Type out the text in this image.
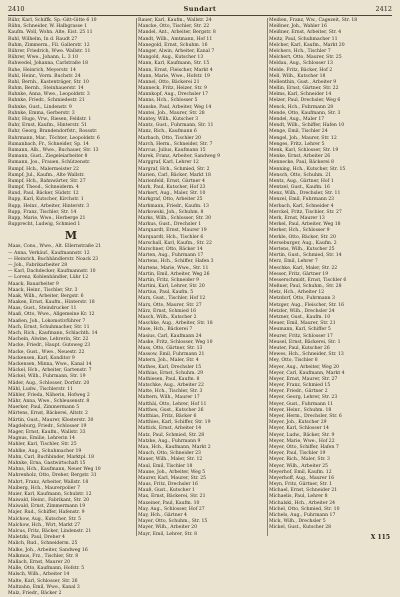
2410	Sundart	2412
Rühr, Karl, Schiffk. Sp.-Gitt-Gitte 6 10
Rühn, Schneider, W. Halbgrasse 1
Kaufm. Woll, Wohn. Alte, Eist. 25 11
Ruhl, Wilhelm, In d. Raudt 27
Ruhm, Zimmerm., Fil. Gallerstr. 12
Rührer, Friedrich, Wwe. Wallstr. 11
Rührer, Wwe., Johann, L. 3 10
Ruhwedel, Johanna, Carlstraße 18
Ruhe, Heinrich, Meyerstr. 14
Ruhl, Heinr., Vorm. Buchstr. 24
Ruhl, Bernh., Kastenträger, Str. 10
Ruhm, Bernh., Steinhauerstr. 14
Ruhnke, Anna, Wwe., Leopoldstr. 3
Ruhnke, Friedr., Schmiedestr. 21
Ruhnke, Gust., Lindenstr. 9
Ruhnke, Emma, Gerberstr. 3
Ruhr, Hugo, Vrw., Riesen, Feldstr. 1
Ruhr, Ernst, Kaufm., Hinterstr. 51
Ruhr, Georg, Brandendorfstr., Rossstr.
Ruhrmann, Mar., Töchter, Leopoldstr. 6
Rumanbach, Fr., Schneider, Sp. 14
Rumann, Alb., Wwe., Buchauer, Str. 13
Rumann, Gust., Ziegeleiarbeiter 8
Rumann, Jos., Frauen, Schützenstr.
Rumpf, Hch., Malermeister 22
Rumpf, Jul., Kaufm., Alte Wallstr.
Rumpf, Hch., Bahnwärter, Str. 27
Rumpf, Theod., Schneiderm. 4
Rund, Paul, Bäcker, Südstr. 12
Rupp, Karl, Kutscher, Kirchstr. 1
Rupp, Heinr., Arbeiter, Hinterstr. 3
Rupp, Franz, Tischler, Str. 14
Rupp, Marie, Wwe., Herberge 21
Rupprecht, Ludwig, Schmied 1
M
Maas, Cons., Wwe., Alt. Ellernstraße 21
— Anna, Verkäuf., Kaufmannstr. 12
— Heinrich, Buchhändlerstr. Noack 23
— Joh., Fabrikarbeiter 28
— Karl, Dachdecker, Kaufmannstr. 10
— Lorenz, Kohlenhändler, Lühr 12
Maack, Bauarbeiter 9
Maack, Heinr., Tischler, Str. 3
Maak, Wilh., Arbeiter, Bergstr. 6
Maaken, Ernst, Kaufm., Hinterstr. 18
Maas, Gust., Steindrucker 11
Maaß, Otto, Wwe., Allgemeine Kr. 12
Maaßen, Joh., Lokomotivführer 7
Mach, Ernst, Schuhmacher, Str. 11
Mach, Rich., Kaufmann, Schlachth. 14
Machein, Alwine, Lehrerin, Str. 22
Macke, Friedr., Haupt. Gutsweg 23
Macke, Gust., Wwe., Neuestr. 22
Mackensen, Karl, Konditor 9
Mackensen, Minna, Wwe., Kanal 14
Mäckel, Hch., Arbeiter, Gartenstr. 7
Mäckel, Wilh., Fuhrmann, Str. 19
Mäder, Aug., Schlosser, Dorfstr. 20
Mähl, Ludw., Tischlerstr. 11
Mähler, Frieda, Näherin, Hofweg 2
Mähr, Anna, Wwe., Schleusenstr. 8
Maerker, Paul, Zimmermann 5
Märtens, Ernst, Bäckerei, Altstr. 2
Märtin, Gust., Maurer, Klosterstr. 30
Magdeburg, Friedr., Schlosser 19
Mager, Ernst, Kaufm., Wallstr. 33
Magnus, Emilie, Lehrerin 14
Mahler, Karl, Tischler, Str. 25
Mahlke, Aug., Schuhmacher 19
Mahn, Carl, Buchbinder, Marktpl. 18
Mahnke, Erna, Gastwirtschaft 15
Mahns, Hch., Kaufmann, Neuer Weg 10
Mahrenholz, Otto, Dreher, Bergstr. 31
Mahrt, Franz, Arbeiter, Wallstr. 18
Maiberg, Hch., Maurerpolier 7
Maier, Karl, Kaufmann, Schulstr. 12
Maiwald, Heinr., Fabrikant, Str. 20
Maiwald, Ernst, Zimmermann 19
Majer, Rud., Schiffer, Hafenstr. 9
Malchow, Aug., Kutscher, Str. 5
Malchow, Hch., Wirt, Markt 27
Malcus, Fritz, Bäcker, Lindenstr. 21
Maletzki, Paul, Dreher 4
Malich, Rud., Schneiderm. 25
Malke, Joh., Arbeiter, Sandweg 16
Malkmus, Frz., Tischler, Str. 8
Mallach, Ernst, Maurer 20
Malle, Otto, Kaufmann, Hofstr. 5
Malsch, Wilh., Arbeiter 14
Malte, Karl, Schlosser, Str. 26
Maltzahn, Emil, Wwe., Kanal 3
Malz, Friedr., Bäcker 2
Rauer, Karl, Kaufm., Wallstr. 24
Mancke, Otto, Tischler, Str. 22
Mandel, Ant., Arbeiter, Bergstr. 8
Mandt, Wilh., Amtmann, Hof 11
Manegold, Ernst, Schuhm. 16
Manger, Alwin, Arbeiter, Kanal 7
Mangold, Aug., Kutscher 13
Mann, Karl, Kaufmann, Str. 15
Mann, Ernst, Fleischer, Markt 4
Mann, Marie, Wwe., Hofstr. 19
Mannel, Otto, Bäckerei 21
Manneck, Fritz, Heizer, Str. 9
Mannkopf, Aug., Drechsler 17
Manns, Hch., Schlosser 5
Manske, Paul, Arbeiter, Weg 14
Mantei, Joh., Maurer, Str. 28
Mantey, Wilh., Kutscher 3
Mantz, Gust., Fuhrmann, Str. 11
Manz, Rich., Kaufmann 6
Marbach, Otto, Tischler 20
March, Herm., Schneider, Str. 7
Marcus, Julius, Kaufmann 15
Marek, Franz, Arbeiter, Sandweg 9
Marggraf, Karl, Lehrer 12
Margraf, Hch., Schmied, Str. 2
Marien, Carl, Bäcker, Markt 18
Marienfeld, Ernst, Gärtner 4
Mark, Paul, Kutscher, Hof 23
Markert, Aug., Maler, Str. 10
Markgraf, Otto, Arbeiter 25
Markmann, Friedr., Kaufm. 13
Markowski, Joh., Schuhm. 8
Marks, Wilh., Schlosser, Str. 30
Markus, Gust., Drechsler 1
Marquardt, Ernst, Maurer 19
Marquardt, Hch., Tischler 6
Marschall, Karl, Kaufm., Str. 22
Marschner, Otto, Bäcker 14
Marten, Aug., Fuhrmann 17
Martens, Hch., Schiffer, Hafen 3
Martens, Marie, Wwe., Str. 11
Martin, Emil, Arbeiter, Weg 26
Martin, Fritz, Schneider 9
Martini, Karl, Lehrer, Str. 20
Martius, Paul, Kaufm. 5
Marx, Gust., Tischler, Hof 12
Marx, Otto, Maurer, Str. 27
März, Ernst, Schmied 16
Masch, Wilh., Kutscher 2
Maschke, Aug., Arbeiter, Str. 18
Mase, Hch., Bäckerei 7
Masius, Carl, Kaufmann 24
Maske, Fritz, Schlosser, Weg 10
Mass, Otto, Gärtner, Str. 13
Massow, Emil, Fuhrmann 21
Matern, Joh., Maler, Str. 4
Mathes, Karl, Drechsler 15
Mathias, Ernst, Schuhm. 29
Mathiesen, Paul, Kaufm. 8
Matschke, Aug., Arbeiter 22
Matte, Hch., Tischler, Str. 3
Mattern, Wilh., Maurer 17
Matthäi, Otto, Lehrer, Hof 11
Matthes, Gust., Kutscher 26
Matthias, Fritz, Bäcker 6
Matthies, Karl, Schiffer, Str. 19
Mattick, Ernst, Arbeiter 14
Matz, Paul, Schmied, Str. 28
Matzke, Aug., Fuhrmann 9
Mau, Hch., Kaufmann, Markt 2
Mauch, Otto, Schneider 23
Mauer, Wilh., Maler, Str. 12
Maul, Emil, Tischler 18
Maune, Joh., Arbeiter, Weg 5
Maurer, Karl, Maurer, Str. 25
Maus, Fritz, Drechsler 16
Mauß, Gust., Kutscher 1
Max, Ernst, Bäckerei, Str. 21
Maxeiner, Paul, Kaufm. 10
May, Aug., Schlosser, Hof 27
May, Hch., Gärtner 4
Mayer, Otto, Schuhm., Str. 15
Mayer, Wilh., Arbeiter 20
Mayr, Emil, Lehrer, Str. 8
Meißen, Franz, Ww., Cagezeit, Str. 18
Meißner, Joh., Wahler 16
Meißner, Ernst, Arbeiter, Str. 4
Meitz, Paul, Schuhmacher 11
Melcher, Karl, Kaufm., Markt 20
Melchers, Hch., Tischler 7
Melchert, Otto, Maurer, Str. 25
Meldau, Aug., Schlosser 13
Melde, Fritz, Bäcker, Hof 2
Mell, Wilh., Kutscher 18
Mellenthin, Gust., Arbeiter 9
Mellin, Ernst, Gärtner, Str. 22
Melms, Karl, Schneider 14
Melzer, Paul, Drechsler, Weg 6
Menck, Hch., Fuhrmann 28
Mende, Otto, Kaufmann, Str. 3
Mendel, Aug., Maler 17
Mendt, Wilh., Schiffer, Hafen 10
Menge, Emil, Tischler 24
Mengel, Joh., Maurer, Str. 12
Menges, Fritz, Lehrer 5
Menk, Karl, Schlosser, Str. 19
Menke, Ernst, Arbeiter 26
Mennecke, Paul, Bäckerei 8
Menning, Hch., Kutscher, Str. 15
Mensch, Otto, Schuhm. 21
Mentz, Aug., Gärtner, Hof 1
Mentzel, Gust., Kaufm. 16
Menz, Wilh., Drechsler, Str. 11
Menzel, Emil, Fuhrmann 23
Merbach, Karl, Schneider 4
Merckel, Fritz, Tischler, Str. 27
Merk, Ernst, Maurer 13
Merkel, Paul, Arbeiter, Weg 18
Merker, Hch., Schlosser 9
Merkle, Otto, Bäcker, Str. 20
Merseburger, Aug., Kaufm. 2
Mertens, Wilh., Kutscher 25
Mertin, Gust., Schmied, Str. 14
Merz, Emil, Lehrer 7
Meschke, Karl, Maler, Str. 22
Messer, Fritz, Gärtner 19
Messerschmidt, Ernst, Tischler 6
Meßner, Paul, Schuhm., Str. 28
Metz, Hch., Arbeiter 12
Metzdorf, Otto, Fuhrmann 3
Metzger, Aug., Fleischer, Str. 16
Metzler, Wilh., Drechsler 24
Metzner, Gust., Kaufm. 10
Meuer, Emil, Maurer, Str. 21
Meumann, Karl, Schiffer 5
Meurer, Fritz, Schlosser 17
Meusel, Ernst, Bäckerei, Str. 1
Meuter, Paul, Kutscher 26
Mewes, Hch., Schneider, Str. 13
Mey, Otto, Tischler 8
Meyer, Aug., Arbeiter, Weg 20
Meyer, Carl, Kaufmann, Markt 4
Meyer, Ernst, Maurer, Str. 27
Meyer, Franz, Schmied 15
Meyer, Friedr., Gärtner 2
Meyer, Georg, Lehrer, Str. 23
Meyer, Gust., Fuhrmann 11
Meyer, Heinr., Schuhm. 18
Meyer, Herm., Drechsler, Str. 6
Meyer, Joh., Kutscher 29
Meyer, Karl, Schlosser 14
Meyer, Ludw., Bäcker, Str. 9
Meyer, Marie, Wwe., Hof 22
Meyer, Otto, Schiffer, Hafen 7
Meyer, Paul, Tischler 19
Meyer, Rich., Maler, Str. 3
Meyer, Wilh., Arbeiter 25
Meyerhof, Emil, Kaufm. 12
Meyerhoff, Aug., Maurer 16
Meyn, Fritz, Gärtner, Str. 1
Michael, Ernst, Schneider 21
Michaelis, Paul, Lehrer 8
Michalski, Hch., Arbeiter 24
Michel, Otto, Schmied, Str. 10
Michels, Aug., Fuhrmann 17
Mick, Wilh., Drechsler 5
Mickel, Gust., Kutscher 28
X 115
